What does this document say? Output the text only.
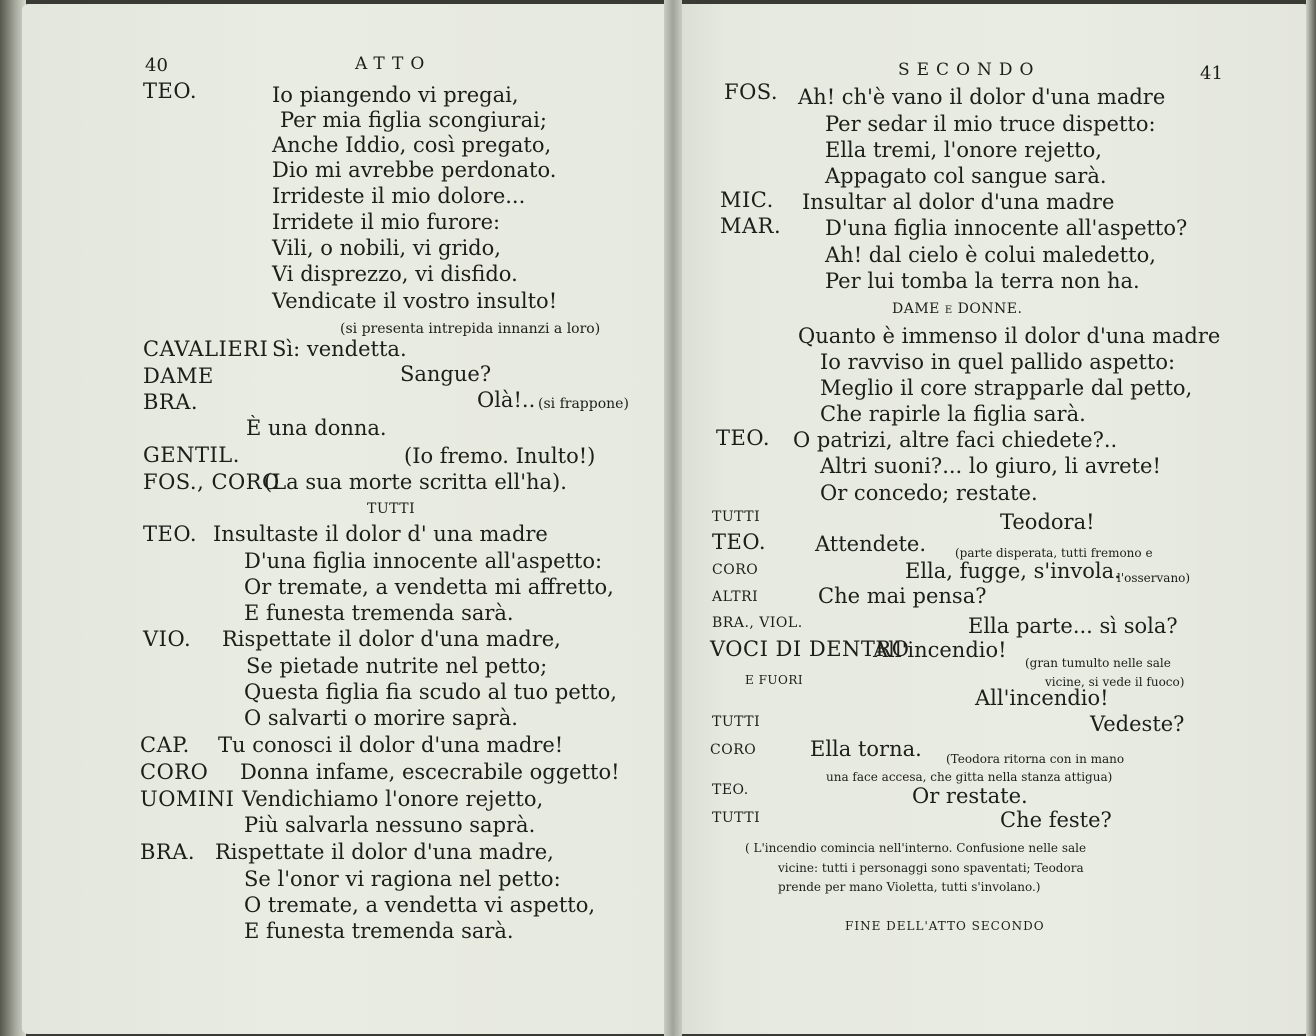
40	ATTO
TEO.	Io piangendo vi pregai,
Per mia figlia scongiurai;
Anche Iddio, così pregato,
Dio mi avrebbe perdonato.
Irrideste il mio dolore...
Irridete il mio furore:
Vili, o nobili, vi grido,
Vi disprezzo, vi disfido.
Vendicate il vostro insulto!
(si presenta intrepida innanzi a loro)
CAVALIERI Sì: vendetta.
DAME	Sangue?
BRA.	Olà!.. (si frappone)
È una donna.
GENTIL.	(Io fremo. Inulto!)
FOS., CORO
(La sua morte scritta ell'ha).
TUTTI
TEO. Insultaste il dolor d' una madre
D'una figlia innocente all'aspetto:
Or tremate, a vendetta mi affretto,
E funesta tremenda sarà.
VIO. Rispettate il dolor d'una madre,
Se pietade nutrite nel petto;
Questa figlia fia scudo al tuo petto,
O salvarti o morire saprà.
CAP. Tu conosci il dolor d'una madre!
CORO Donna infame, escecrabile oggetto!
UOMINI Vendichiamo l'onore rejetto,
Più salvarla nessuno saprà.
BRA. Rispettate il dolor d'una madre,
Se l'onor vi ragiona nel petto:
O tremate, a vendetta vi aspetto,
E funesta tremenda sarà.
SECONDO	41
FOS. Ah! ch'è vano il dolor d'una madre
Per sedar il mio truce dispetto:
Ella tremi, l'onore rejetto,
Appagato col sangue sarà.
MIC. Insultar al dolor d'una madre
MAR. D'una figlia innocente all'aspetto?
Ah! dal cielo è colui maledetto,
Per lui tomba la terra non ha.
DAME e DONNE.
Quanto è immenso il dolor d'una madre
Io ravviso in quel pallido aspetto:
Meglio il core strapparle dal petto,
Che rapirle la figlia sarà.
TEO. O patrizi, altre faci chiedete?..
Altri suoni?... lo giuro, li avrete!
Or concedo; restate.
TUTTI	Teodora!
TEO. Attendete. (parte disperata, tutti fremono e
CORO	Ella, fugge, s'invola.
l'osservano)
ALTRI	Che mai pensa?
BRA., VIOL.	Ella parte... sì sola?
VOCI DI DENTRO
All'incendio!
(gran tumulto nelle sale
E FUORI	vicine, si vede il fuoco)
All'incendio!
TUTTI	Vedeste?
CORO	Ella torna. (Teodora ritorna con in mano
una face accesa, che gitta nella stanza attigua)
TEO.	Or restate.
TUTTI	Che feste?
( L'incendio comincia nell'interno. Confusione nelle sale
vicine: tutti i personaggi sono spaventati; Teodora
prende per mano Violetta, tutti s'involano.)
FINE DELL'ATTO SECONDO
